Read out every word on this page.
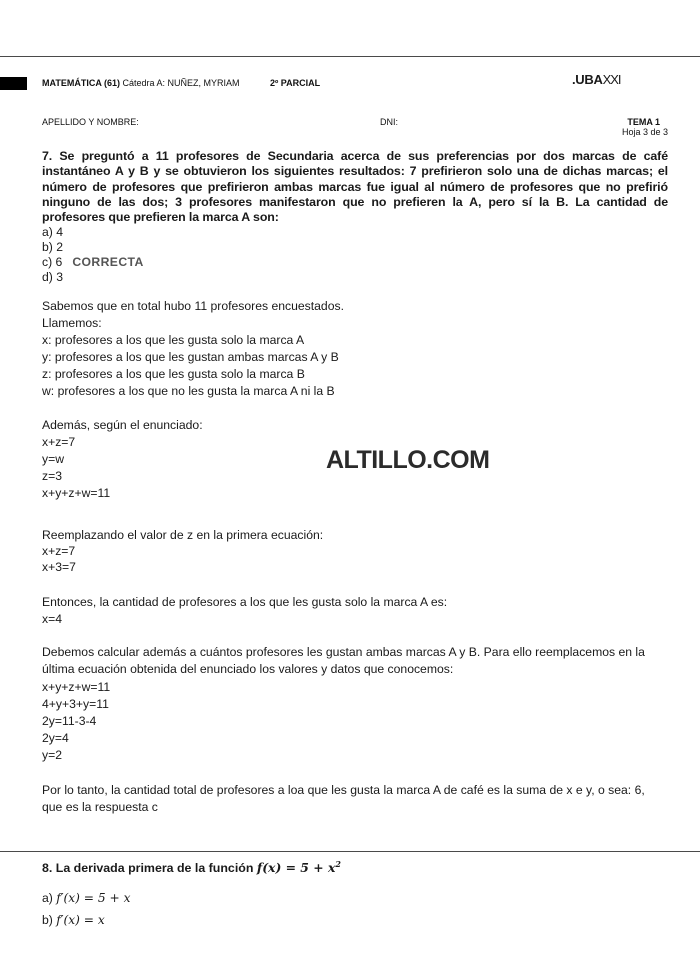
MATEMÁTICA (61) Cátedra A: NUÑEZ, MYRIAM	2º PARCIAL	.UBAXXI
APELLIDO Y NOMBRE:	DNI:	TEMA 1
Hoja 3 de 3
7. Se preguntó a 11 profesores de Secundaria acerca de sus preferencias por dos marcas de café instantáneo A y B y se obtuvieron los siguientes resultados: 7 prefirieron solo una de dichas marcas; el número de profesores que prefirieron ambas marcas fue igual al número de profesores que no prefirió ninguno de las dos; 3 profesores manifestaron que no prefieren la A, pero sí la B. La cantidad de profesores que prefieren la marca A son:
a) 4
b) 2
c) 6 CORRECTA
d) 3
Sabemos que en total hubo 11 profesores encuestados.
Llamemos:
x: profesores a los que les gusta solo la marca A
y: profesores a los que les gustan ambas marcas A y B
z: profesores a los que les gusta solo la marca B
w: profesores a los que no les gusta la marca A ni la B
Además, según el enunciado:
x+z=7
y=w
z=3
x+y+z+w=11
ALTILLO.COM
Reemplazando el valor de z en la primera ecuación:
x+z=7
x+3=7
Entonces, la cantidad de profesores a los que les gusta solo la marca A es:
x=4
Debemos calcular además a cuántos profesores les gustan ambas marcas A y B. Para ello reemplacemos en la última ecuación obtenida del enunciado los valores y datos que conocemos:
x+y+z+w=11
4+y+3+y=11
2y=11-3-4
2y=4
y=2
Por lo tanto, la cantidad total de profesores a loa que les gusta la marca A de café es la suma de x e y, o sea: 6, que es la respuesta c
8. La derivada primera de la función $f(x) = 5 + x^2$
a) f′(x) = 5 + x
b) f′(x) = x
